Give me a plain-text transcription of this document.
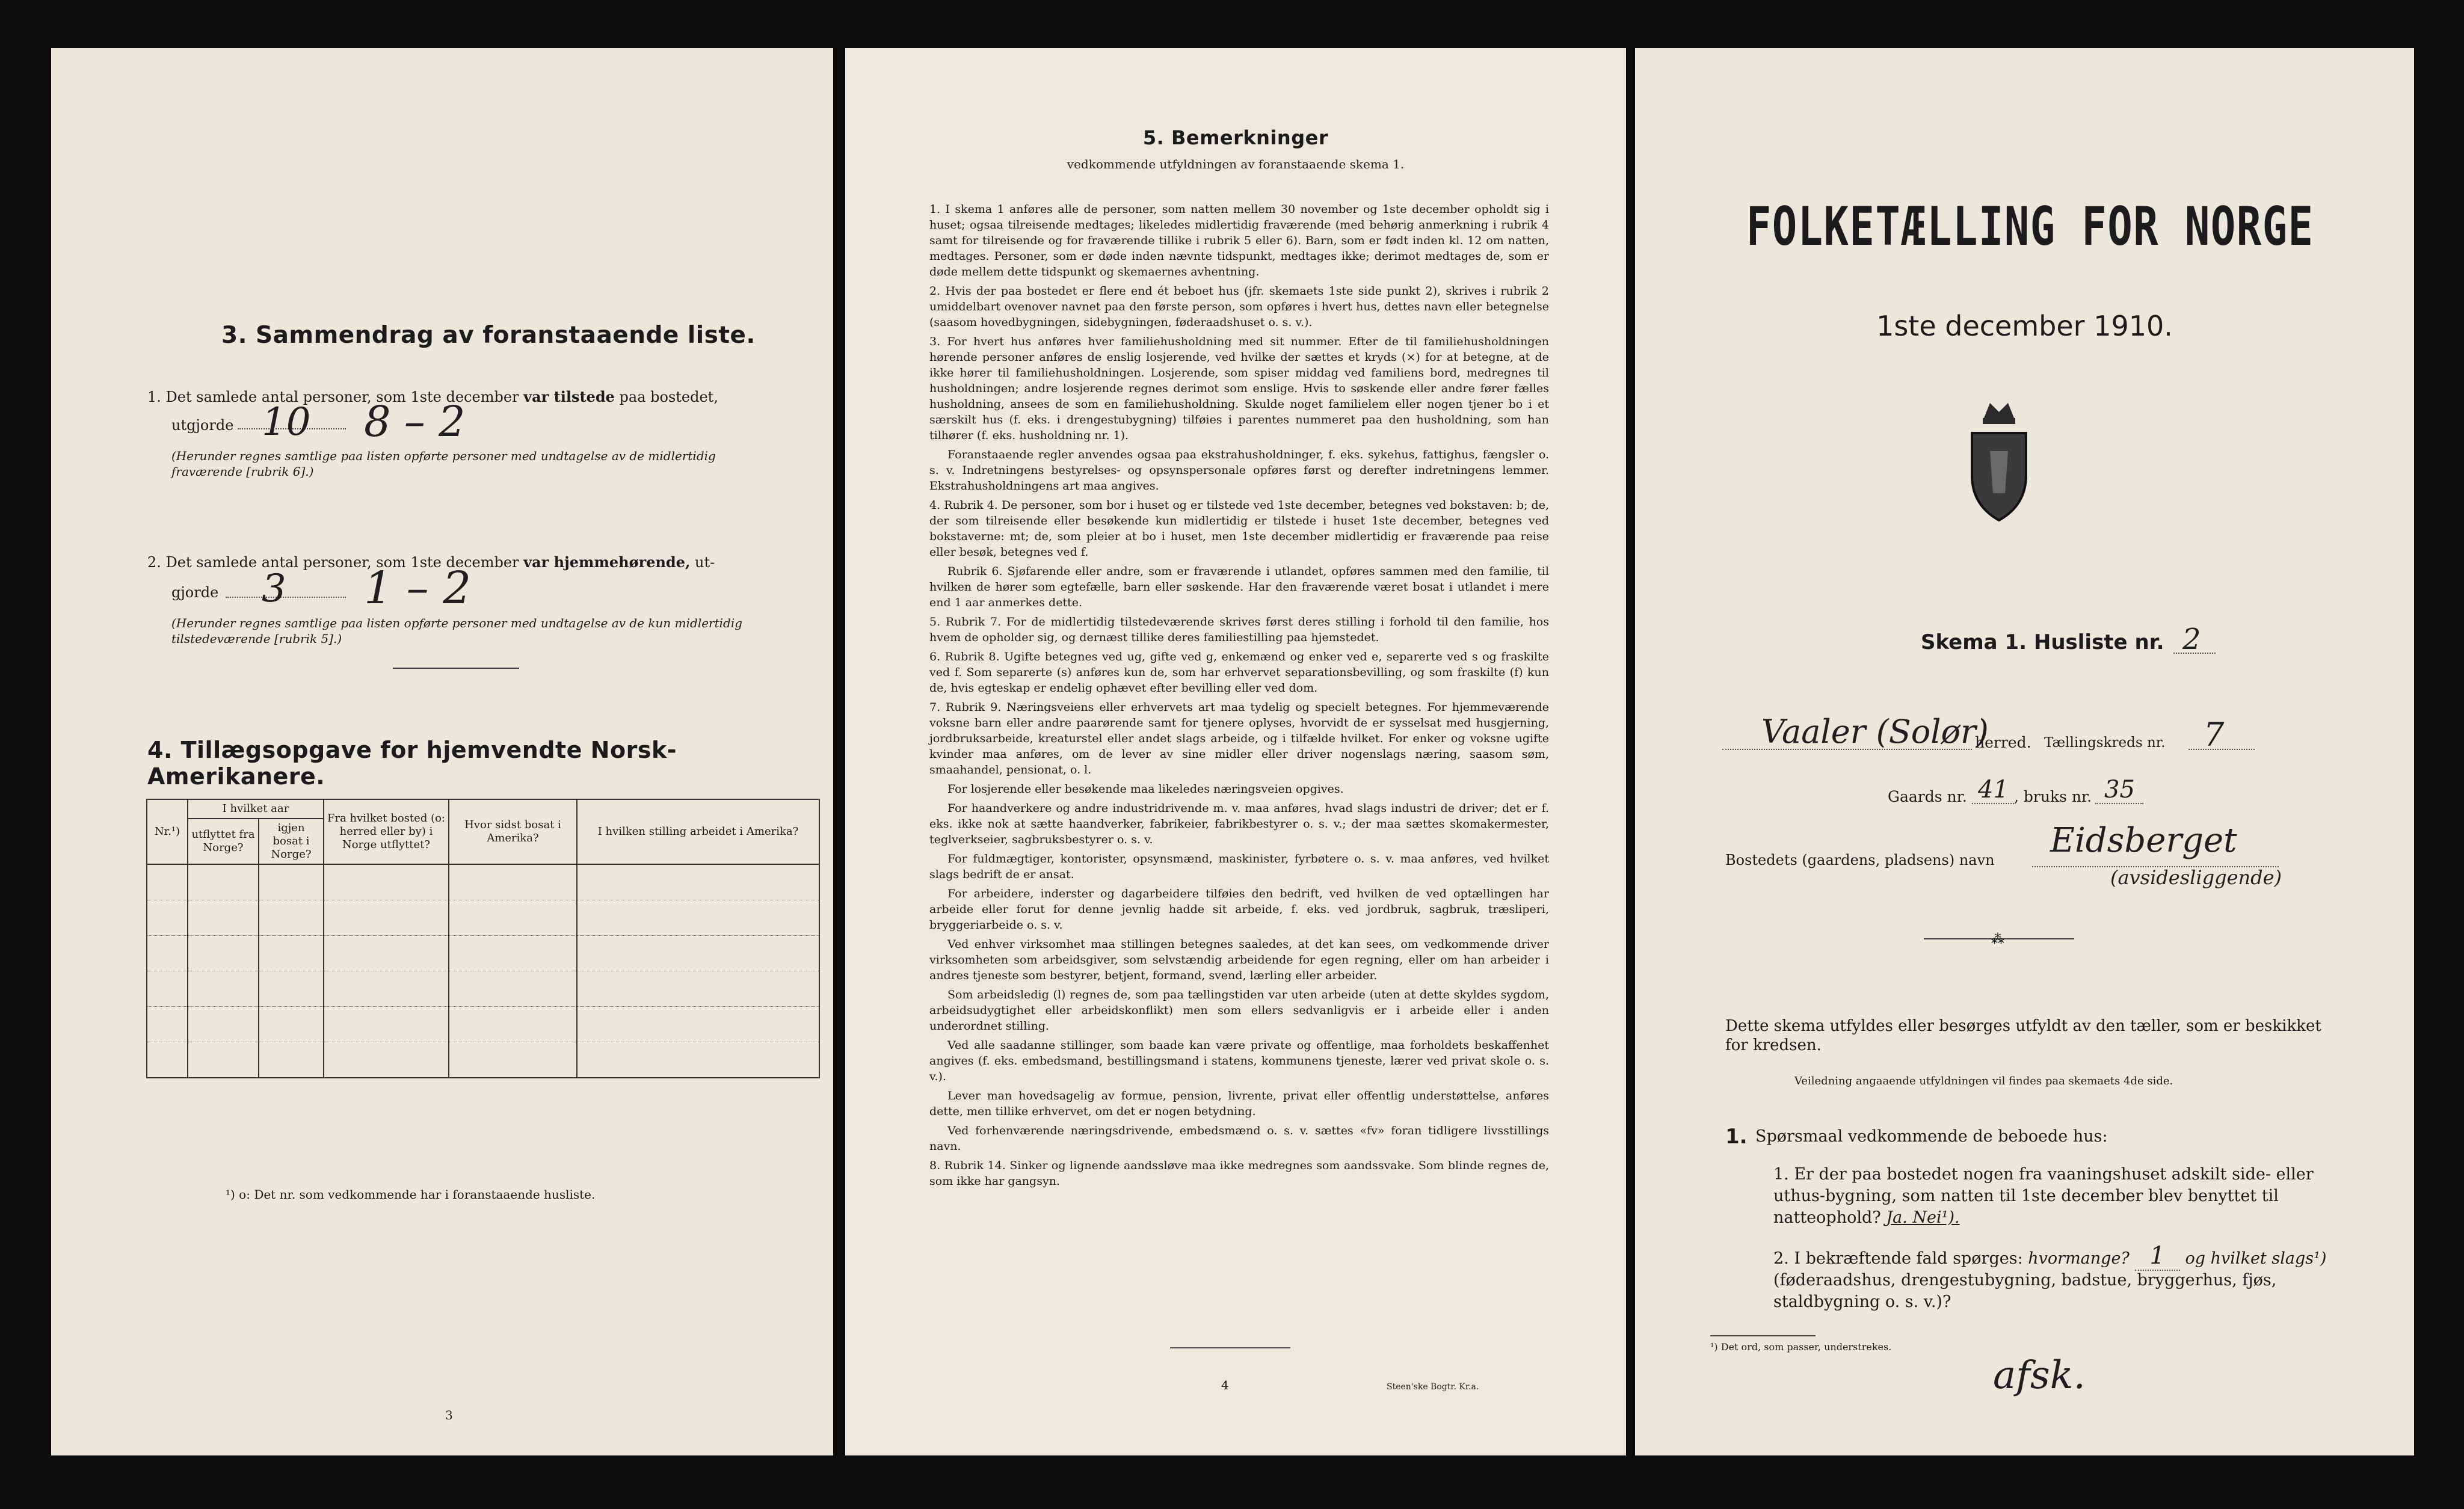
3. Sammendrag av foranstaaende liste.
1. Det samlede antal personer, som 1ste december var tilstede paa bostedet,
utgjorde 10 8 – 2
(Herunder regnes samtlige paa listen opførte personer med undtagelse av de midlertidig fraværende [rubrik 6].)
2. Det samlede antal personer, som 1ste december var hjemmehørende, ut-
gjorde 3 1 – 2
(Herunder regnes samtlige paa listen opførte personer med undtagelse av de kun midlertidig tilstedeværende [rubrik 5].)
4. Tillægsopgave for hjemvendte Norsk-Amerikanere.
Nr.¹)	I hvilket aar		Fra hvilket bosted (o: herred eller by) i Norge utflyttet?	Hvor sidst bosat i Amerika?	I hvilken stilling arbeidet i Amerika?
	utflyttet fra Norge?	igjen bosat i Norge?			

¹) o: Det nr. som vedkommende har i foranstaaende husliste.
3
5. Bemerkninger
vedkommende utfyldningen av foranstaaende skema 1.
1. I skema 1 anføres alle de personer, som natten mellem 30 november og 1ste december opholdt sig i huset; ogsaa tilreisende medtages; likeledes midlertidig fraværende (med behørig anmerkning i rubrik 4 samt for tilreisende og for fraværende tillike i rubrik 5 eller 6). Barn, som er født inden kl. 12 om natten, medtages. Personer, som er døde inden nævnte tidspunkt, medtages ikke; derimot medtages de, som er døde mellem dette tidspunkt og skemaernes avhentning.
2. Hvis der paa bostedet er flere end ét beboet hus (jfr. skemaets 1ste side punkt 2), skrives i rubrik 2 umiddelbart ovenover navnet paa den første person, som opføres i hvert hus, dettes navn eller betegnelse (saasom hovedbygningen, sidebygningen, føderaadshuset o. s. v.).
3. For hvert hus anføres hver familiehusholdning med sit nummer. Efter de til familiehusholdningen hørende personer anføres de enslig losjerende, ved hvilke der sættes et kryds (×) for at betegne, at de ikke hører til familiehusholdningen. Losjerende, som spiser middag ved familiens bord, medregnes til husholdningen; andre losjerende regnes derimot som enslige. Hvis to søskende eller andre fører fælles husholdning, ansees de som en familiehusholdning. Skulde noget familielem eller nogen tjener bo i et særskilt hus (f. eks. i drengestubygning) tilføies i parentes nummeret paa den husholdning, som han tilhører (f. eks. husholdning nr. 1).
Foranstaaende regler anvendes ogsaa paa ekstrahusholdninger, f. eks. sykehus, fattighus, fængsler o. s. v. Indretningens bestyrelses- og opsynspersonale opføres først og derefter indretningens lemmer. Ekstrahusholdningens art maa angives.
4. Rubrik 4. De personer, som bor i huset og er tilstede ved 1ste december, betegnes ved bokstaven: b; de, der som tilreisende eller besøkende kun midlertidig er tilstede i huset 1ste december, betegnes ved bokstaverne: mt; de, som pleier at bo i huset, men 1ste december midlertidig er fraværende paa reise eller besøk, betegnes ved f.
Rubrik 6. Sjøfarende eller andre, som er fraværende i utlandet, opføres sammen med den familie, til hvilken de hører som egtefælle, barn eller søskende. Har den fraværende været bosat i utlandet i mere end 1 aar anmerkes dette.
5. Rubrik 7. For de midlertidig tilstedeværende skrives først deres stilling i forhold til den familie, hos hvem de opholder sig, og dernæst tillike deres familiestilling paa hjemstedet.
6. Rubrik 8. Ugifte betegnes ved ug, gifte ved g, enkemænd og enker ved e, separerte ved s og fraskilte ved f. Som separerte (s) anføres kun de, som har erhvervet separationsbevilling, og som fraskilte (f) kun de, hvis egteskap er endelig ophævet efter bevilling eller ved dom.
7. Rubrik 9. Næringsveiens eller erhvervets art maa tydelig og specielt betegnes. For hjemmeværende voksne barn eller andre paarørende samt for tjenere oplyses, hvorvidt de er sysselsat med husgjerning, jordbruksarbeide, kreaturstel eller andet slags arbeide, og i tilfælde hvilket. For enker og voksne ugifte kvinder maa anføres, om de lever av sine midler eller driver nogenslags næring, saasom søm, smaahandel, pensionat, o. l.
For losjerende eller besøkende maa likeledes næringsveien opgives.
For haandverkere og andre industridrivende m. v. maa anføres, hvad slags industri de driver; det er f. eks. ikke nok at sætte haandverker, fabrikeier, fabrikbestyrer o. s. v.; der maa sættes skomakermester, teglverkseier, sagbruksbestyrer o. s. v.
For fuldmægtiger, kontorister, opsynsmænd, maskinister, fyrbøtere o. s. v. maa anføres, ved hvilket slags bedrift de er ansat.
For arbeidere, inderster og dagarbeidere tilføies den bedrift, ved hvilken de ved optællingen har arbeide eller forut for denne jevnlig hadde sit arbeide, f. eks. ved jordbruk, sagbruk, træsliperi, bryggeriarbeide o. s. v.
Ved enhver virksomhet maa stillingen betegnes saaledes, at det kan sees, om vedkommende driver virksomheten som arbeidsgiver, som selvstændig arbeidende for egen regning, eller om han arbeider i andres tjeneste som bestyrer, betjent, formand, svend, lærling eller arbeider.
Som arbeidsledig (l) regnes de, som paa tællingstiden var uten arbeide (uten at dette skyldes sygdom, arbeidsudygtighet eller arbeidskonflikt) men som ellers sedvanligvis er i arbeide eller i anden underordnet stilling.
Ved alle saadanne stillinger, som baade kan være private og offentlige, maa forholdets beskaffenhet angives (f. eks. embedsmand, bestillingsmand i statens, kommunens tjeneste, lærer ved privat skole o. s. v.).
Lever man hovedsagelig av formue, pension, livrente, privat eller offentlig understøttelse, anføres dette, men tillike erhvervet, om det er nogen betydning.
Ved forhenværende næringsdrivende, embedsmænd o. s. v. sættes «fv» foran tidligere livsstillings navn.
8. Rubrik 14. Sinker og lignende aandssløve maa ikke medregnes som aandssvake. Som blinde regnes de, som ikke har gangsyn.
4	Steen'ske Bogtr. Kr.a.
FOLKETÆLLING FOR NORGE
1ste december 1910.
Skema 1. Husliste nr. 2
Vaaler (Solør)
herred. Tællingskreds nr. 7
Gaards nr. 41 , bruks nr. 35
Bostedets (gaardens, pladsens) navn Eidsberget
(avsidesliggende)
⁂
Dette skema utfyldes eller besørges utfyldt av den tæller, som er beskikket for kredsen.
Veiledning angaaende utfyldningen vil findes paa skemaets 4de side.
1. Spørsmaal vedkommende de beboede hus:
1. Er der paa bostedet nogen fra vaaningshuset adskilt side- eller uthus-bygning, som natten til 1ste december blev benyttet til natteophold? Ja. Nei¹).
2. I bekræftende fald spørges: hvormange? 1 og hvilket slags¹) (føderaadshus, drengestubygning, badstue, bryggerhus, fjøs, staldbygning o. s. v.)?
¹) Det ord, som passer, understrekes.
afsk.
